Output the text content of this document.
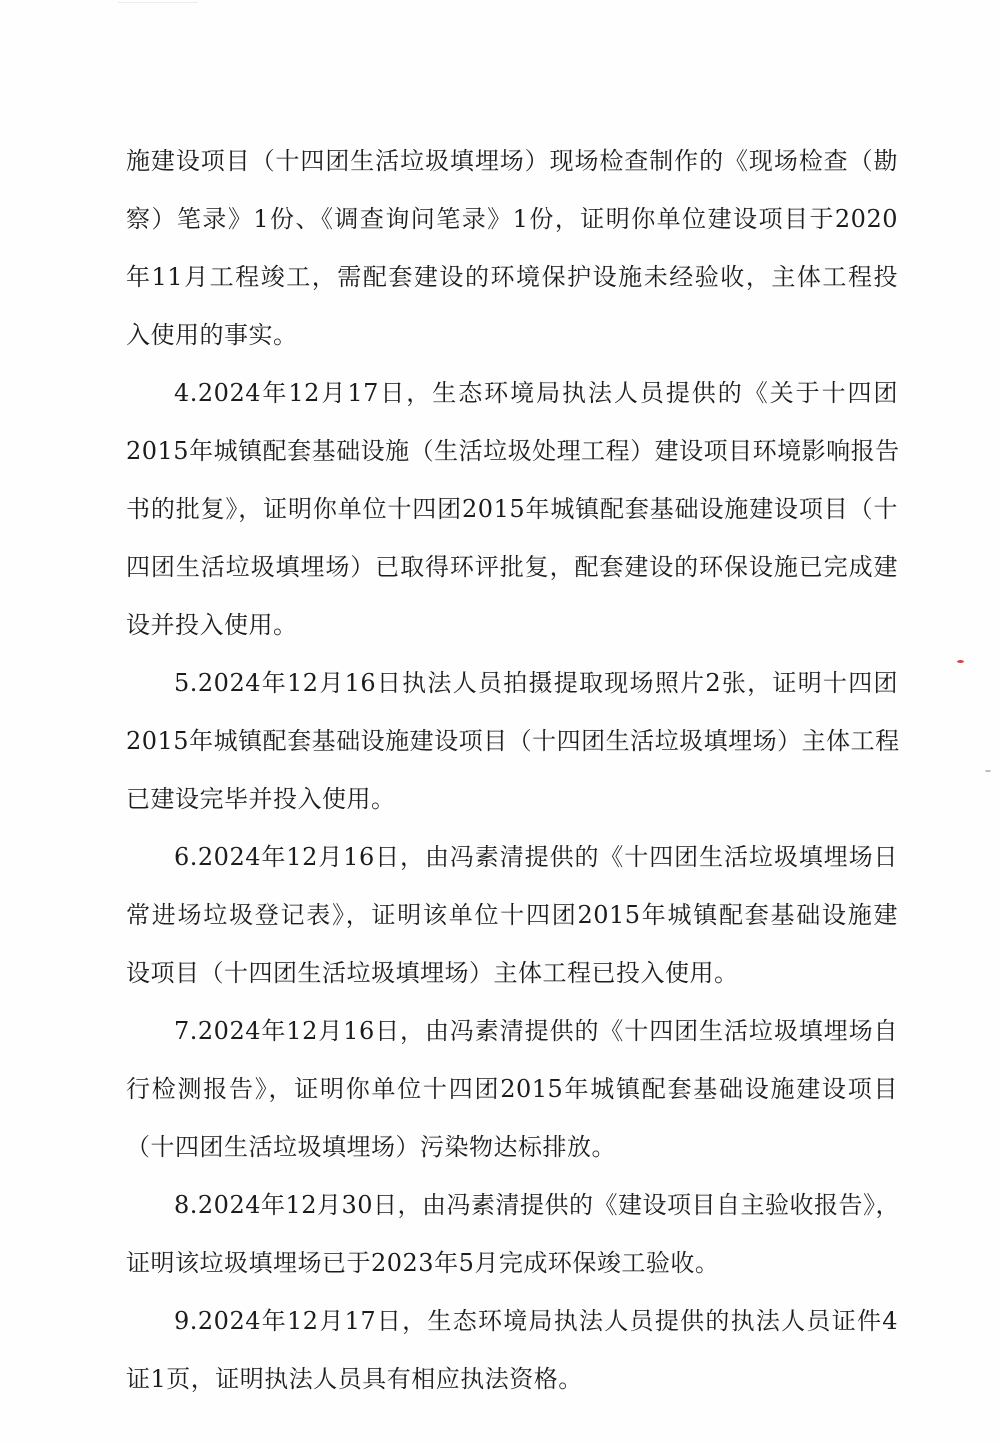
施建设项目（十四团生活垃圾填埋场）现场检查制作的《现场检查（勘
察）笔录》1份、《调查询问笔录》1份，证明你单位建设项目于2020
年11月工程竣工，需配套建设的环境保护设施未经验收，主体工程投
入使用的事实。
4.2024年12月17日，生态环境局执法人员提供的《关于十四团
2015年城镇配套基础设施（生活垃圾处理工程）建设项目环境影响报告
书的批复》，证明你单位十四团2015年城镇配套基础设施建设项目（十
四团生活垃圾填埋场）已取得环评批复，配套建设的环保设施已完成建
设并投入使用。
5.2024年12月16日执法人员拍摄提取现场照片2张，证明十四团
2015年城镇配套基础设施建设项目（十四团生活垃圾填埋场）主体工程
已建设完毕并投入使用。
6.2024年12月16日，由冯素清提供的《十四团生活垃圾填埋场日
常进场垃圾登记表》，证明该单位十四团2015年城镇配套基础设施建
设项目（十四团生活垃圾填埋场）主体工程已投入使用。
7.2024年12月16日，由冯素清提供的《十四团生活垃圾填埋场自
行检测报告》，证明你单位十四团2015年城镇配套基础设施建设项目
（十四团生活垃圾填埋场）污染物达标排放。
8.2024年12月30日，由冯素清提供的《建设项目自主验收报告》，
证明该垃圾填埋场已于2023年5月完成环保竣工验收。
9.2024年12月17日，生态环境局执法人员提供的执法人员证件4
证1页，证明执法人员具有相应执法资格。
